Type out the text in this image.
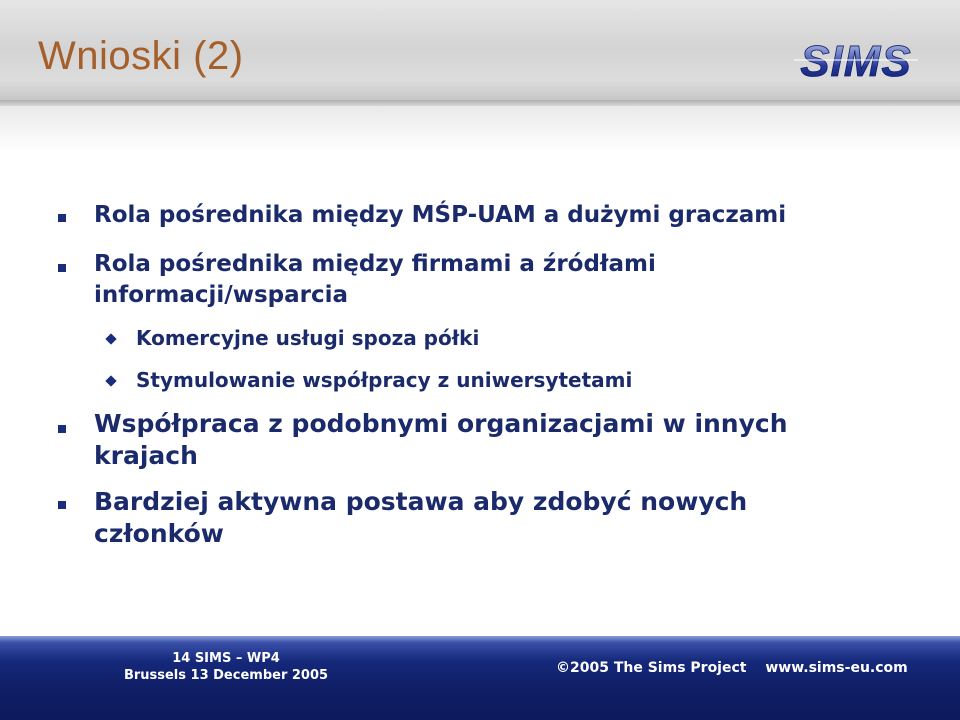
Wnioski (2)	SIMS
Rola pośrednika między MŚP-UAM a dużymi graczami
Rola pośrednika między firmami a źródłami
informacji/wsparcia
Komercyjne usługi spoza półki
Stymulowanie współpracy z uniwersytetami
Współpraca z podobnymi organizacjami w innych
krajach
Bardziej aktywna postawa aby zdobyć nowych
członków
14 SIMS – WP4
Brussels 13 December 2005	©2005 The Sims Project www.sims-eu.com
